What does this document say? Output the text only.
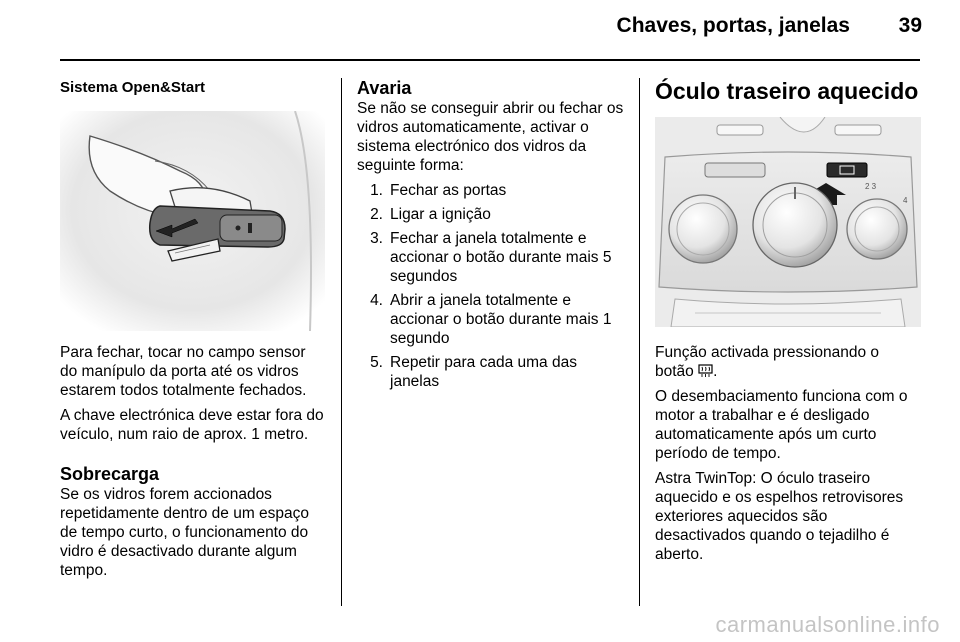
Chaves, portas, janelas	39
Sistema Open&Start

Para fechar, tocar no campo sensor do manípulo da porta até os vidros estarem todos totalmente fechados.

A chave electrónica deve estar fora do veículo, num raio de aprox. 1 metro.

Sobrecarga

Se os vidros forem accionados repetidamente dentro de um espaço de tempo curto, o funcionamento do vidro é desactivado durante algum tempo.

Avaria

Se não se conseguir abrir ou fechar os vidros automaticamente, activar o sistema electrónico dos vidros da seguinte forma:

1. Fechar as portas
2. Ligar a ignição
3. Fechar a janela totalmente e accionar o botão durante mais 5 segundos
4. Abrir a janela totalmente e accionar o botão durante mais 1 segundo
5. Repetir para cada uma das janelas
Óculo traseiro aquecido
2 3
4

Função activada pressionando o botão .

O desembaciamento funciona com o motor a trabalhar e é desligado automaticamente após um curto período de tempo.

Astra TwinTop: O óculo traseiro aquecido e os espelhos retrovisores exteriores aquecidos são desactivados quando o tejadilho é aberto.

carmanualsonline.info
